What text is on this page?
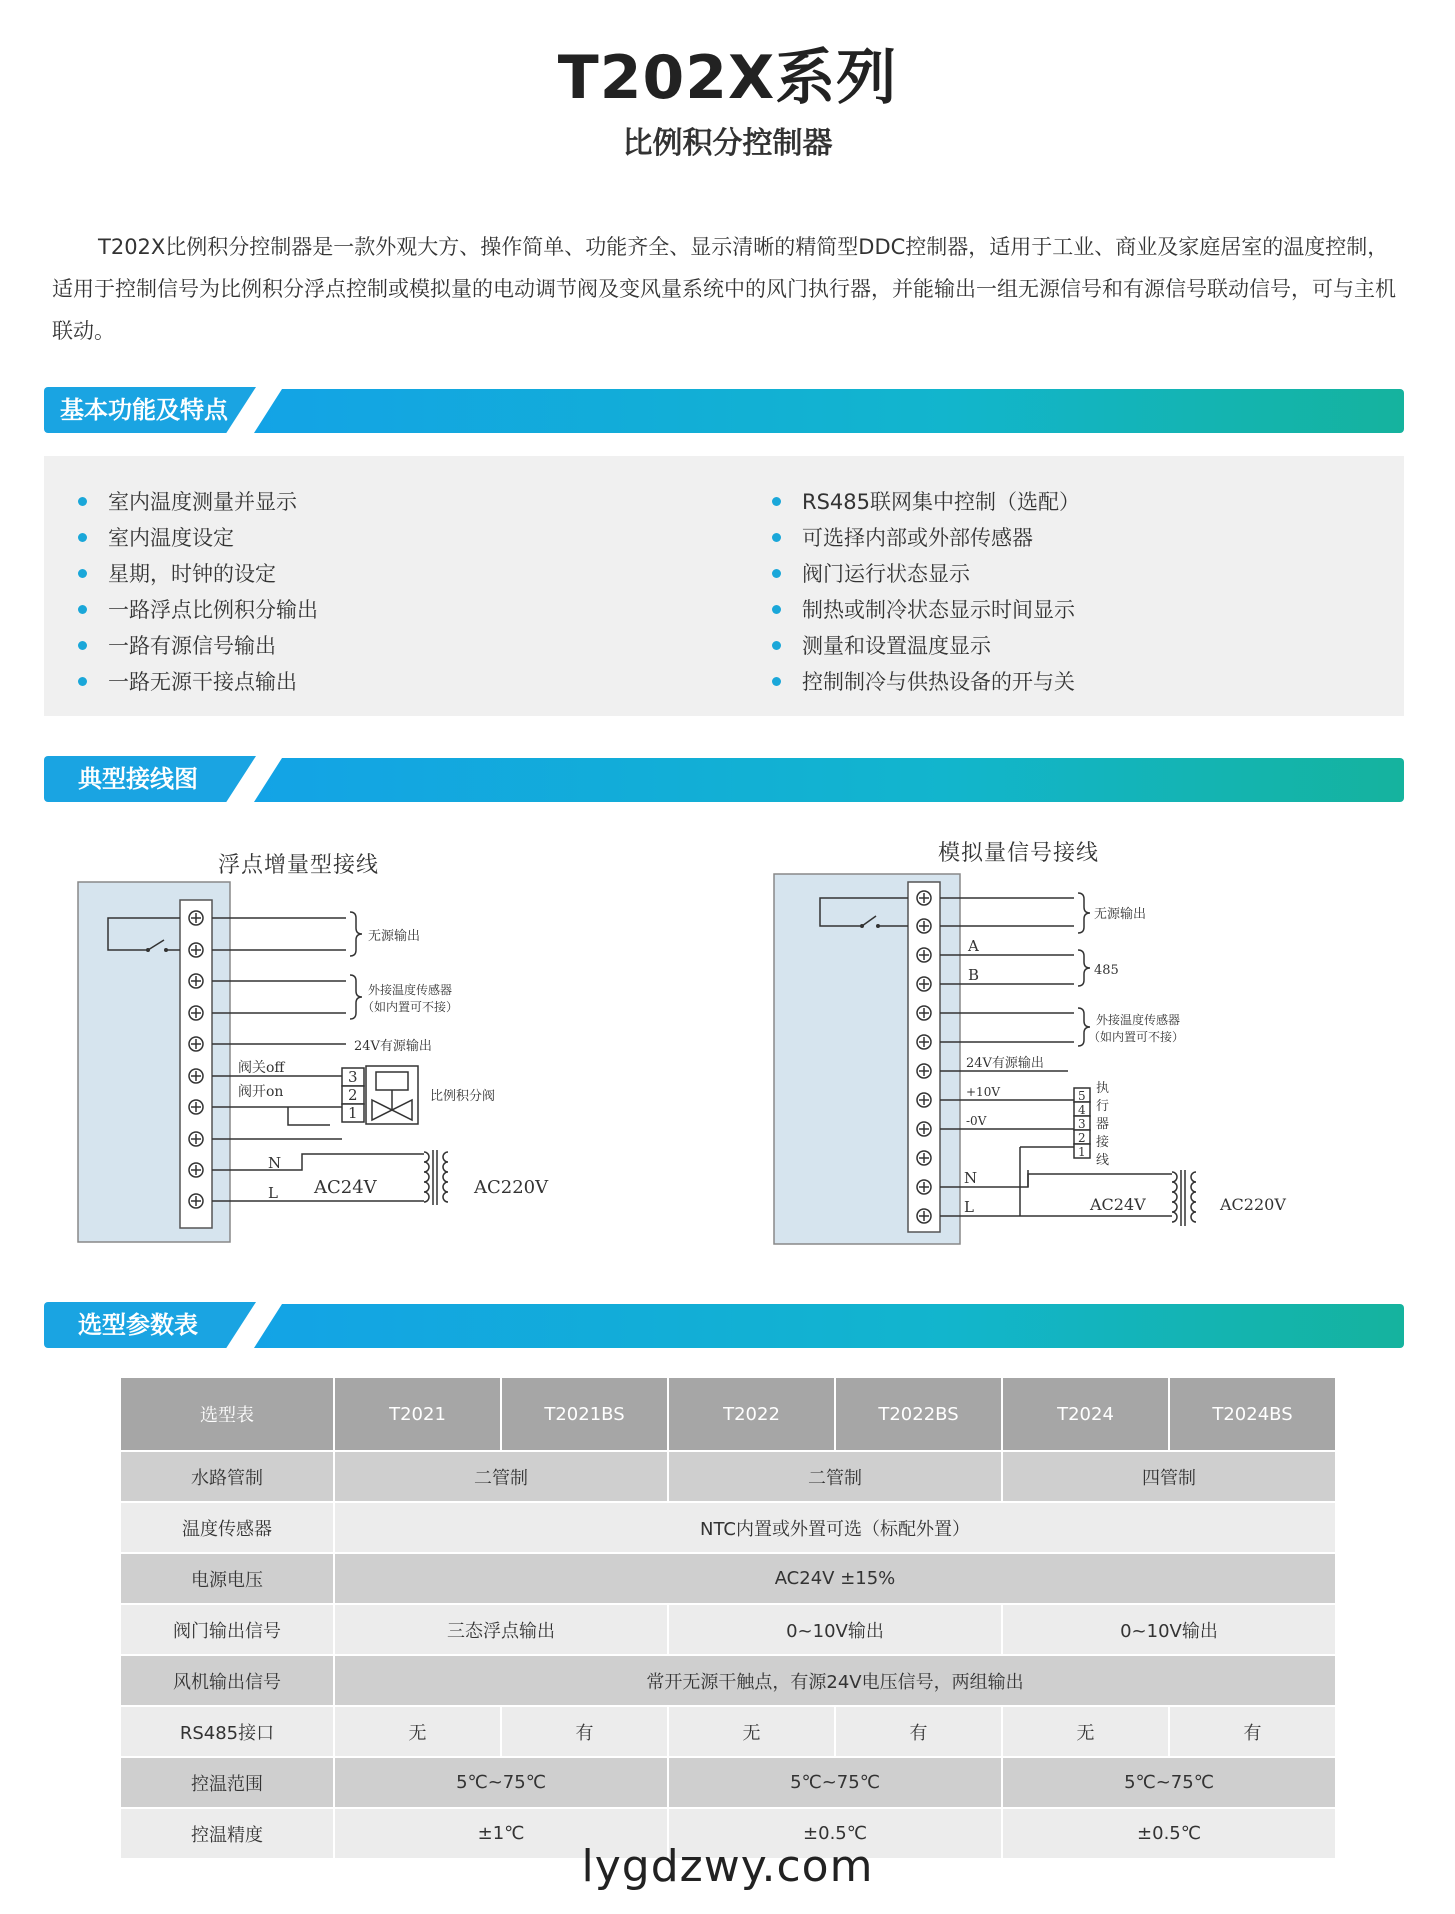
T202X系列
比例积分控制器

T202X比例积分控制器是一款外观大方、操作简单、功能齐全、显示清晰的精简型DDC控制器，适用于工业、商业及家庭居室的温度控制，适用于控制信号为比例积分浮点控制或模拟量的电动调节阀及变风量系统中的风门执行器，并能输出一组无源信号和有源信号联动信号，可与主机联动。

基本功能及特点
室内温度测量并显示
室内温度设定
星期，时钟的设定
一路浮点比例积分输出
一路有源信号输出
一路无源干接点输出
RS485联网集中控制（选配）
可选择内部或外部传感器
阀门运行状态显示
制热或制冷状态显示时间显示
测量和设置温度显示
控制制冷与供热设备的开与关
典型接线图
浮点增量型接线
3
2
1
无源输出
外接温度传感器
（如内置可不接）
24V有源输出
阀关off
阀开on	比例积分阀
N
L AC24V	AC220V
模拟量信号接线
5
4
3
2
1
执
行
器
接
线
无源输出
A
B	485
外接温度传感器
（如内置可不接）
24V有源输出
+10V
-0V
N
L	AC24V	AC220V
选型参数表
选型表	T2021	T2021BS	T2022	T2022BS	T2024	T2024BS
水路管制	二管制		二管制		四管制	
温度传感器	NTC内置或外置可选（标配外置）					
电源电压	AC24V ±15%					
阀门输出信号	三态浮点输出		0~10V输出		0~10V输出	
风机输出信号	常开无源干触点，有源24V电压信号，两组输出					
RS485接口	无	有	无	有	无	有
控温范围	5℃~75℃		5℃~75℃		5℃~75℃	
控温精度	±1℃		±0.5℃		±0.5℃	
lygdzwy.com
